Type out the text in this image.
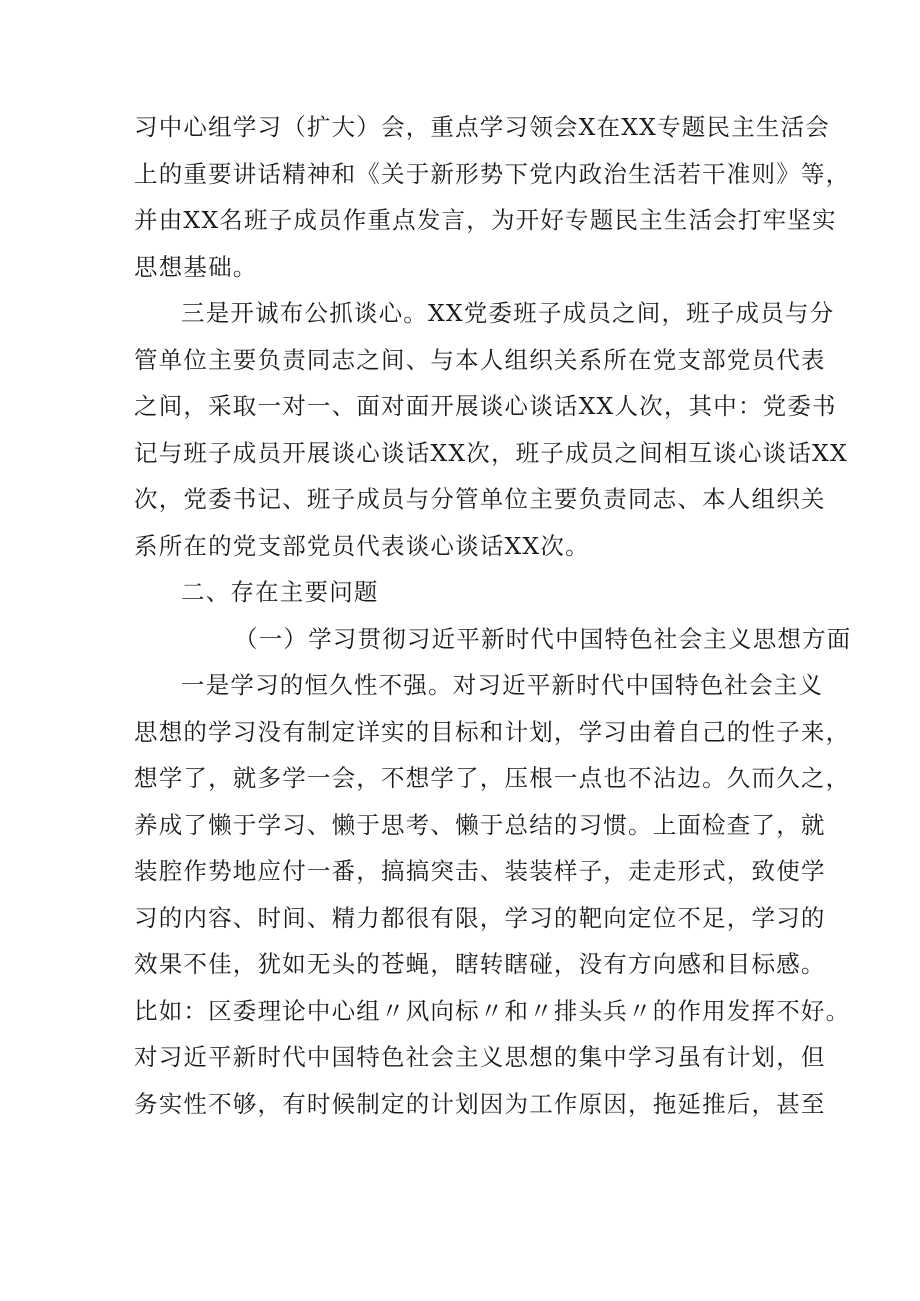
习中心组学习（扩大）会，重点学习领会X在XX专题民主生活会
上的重要讲话精神和《关于新形势下党内政治生活若干准则》等，
并由XX名班子成员作重点发言，为开好专题民主生活会打牢坚实
思想基础。
三是开诚布公抓谈心。XX党委班子成员之间，班子成员与分
管单位主要负责同志之间、与本人组织关系所在党支部党员代表
之间，采取一对一、面对面开展谈心谈话XX人次，其中：党委书
记与班子成员开展谈心谈话XX次，班子成员之间相互谈心谈话XX
次，党委书记、班子成员与分管单位主要负责同志、本人组织关
系所在的党支部党员代表谈心谈话XX次。
二、存在主要问题
（一）学习贯彻习近平新时代中国特色社会主义思想方面
一是学习的恒久性不强。对习近平新时代中国特色社会主义
思想的学习没有制定详实的目标和计划，学习由着自己的性子来，
想学了，就多学一会，不想学了，压根一点也不沾边。久而久之，
养成了懒于学习、懒于思考、懒于总结的习惯。上面检查了，就
装腔作势地应付一番，搞搞突击、装装样子，走走形式，致使学
习的内容、时间、精力都很有限，学习的靶向定位不足，学习的
效果不佳，犹如无头的苍蝇，瞎转瞎碰，没有方向感和目标感。
比如：区委理论中心组〃风向标〃和〃排头兵〃的作用发挥不好。
对习近平新时代中国特色社会主义思想的集中学习虽有计划，但
务实性不够，有时候制定的计划因为工作原因，拖延推后，甚至
